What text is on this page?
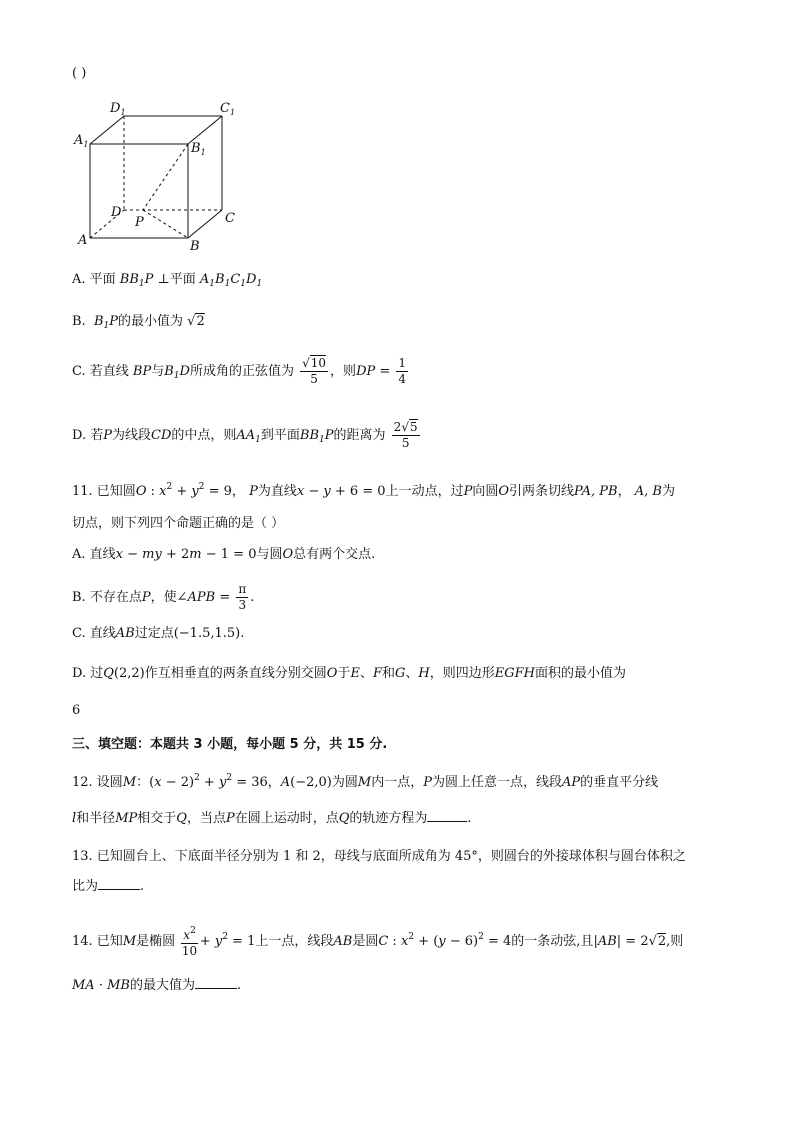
( )
$D_1$	$C_1$
$A_1$	$B_1$
D	C
P
A	B
A. 平面 $BB_1P$ ⊥平面 $A_1B_1C_1D_1$
B. $B_1P$的最小值为 √2
C. 若直线 BP与$B_1D$所成角的正弦值为 $\frac{√10}{5}$ ，则DP = $\frac{1}{4}$
D. 若P为线段CD的中点，则$AA_1$到平面$BB_1P$的距离为 $\frac{2√5}{5}$
11. 已知圆O : $x^2 + y^2 = 9$， P为直线x − y + 6 = 0上一动点，过P向圆O引两条切线PA, PB， A, B为
切点，则下列四个命题正确的是（ ）
A. 直线x − my + 2m − 1 = 0与圆O总有两个交点.
B. 不存在点P，使∠APB = $\frac{\pi}{3}$ .
C. 直线AB过定点(−1.5,1.5).
D. 过Q(2,2)作互相垂直的两条直线分别交圆O于E、F和G、H，则四边形EGFH面积的最小值为
6
三、填空题：本题共 3 小题，每小题 5 分，共 15 分.
12. 设圆M：$(x - 2)^2 + y^2 = 36$，A(−2,0)为圆M内一点，P为圆上任意一点，线段AP的垂直平分线
l和半径MP相交于Q，当点P在圆上运动时，点Q的轨迹方程为	.
13. 已知圆台上、下底面半径分别为 1 和 2，母线与底面所成角为 45°，则圆台的外接球体积与圆台体积之
比为	.
14. 已知M是椭圆 $\frac{x^2}{10} + y^2 = 1$上一点，线段AB是圆C : $x^2 + (y - 6)^2 = 4$的一条动弦,且|AB| = 2√2,则
MA · MB的最大值为	.
